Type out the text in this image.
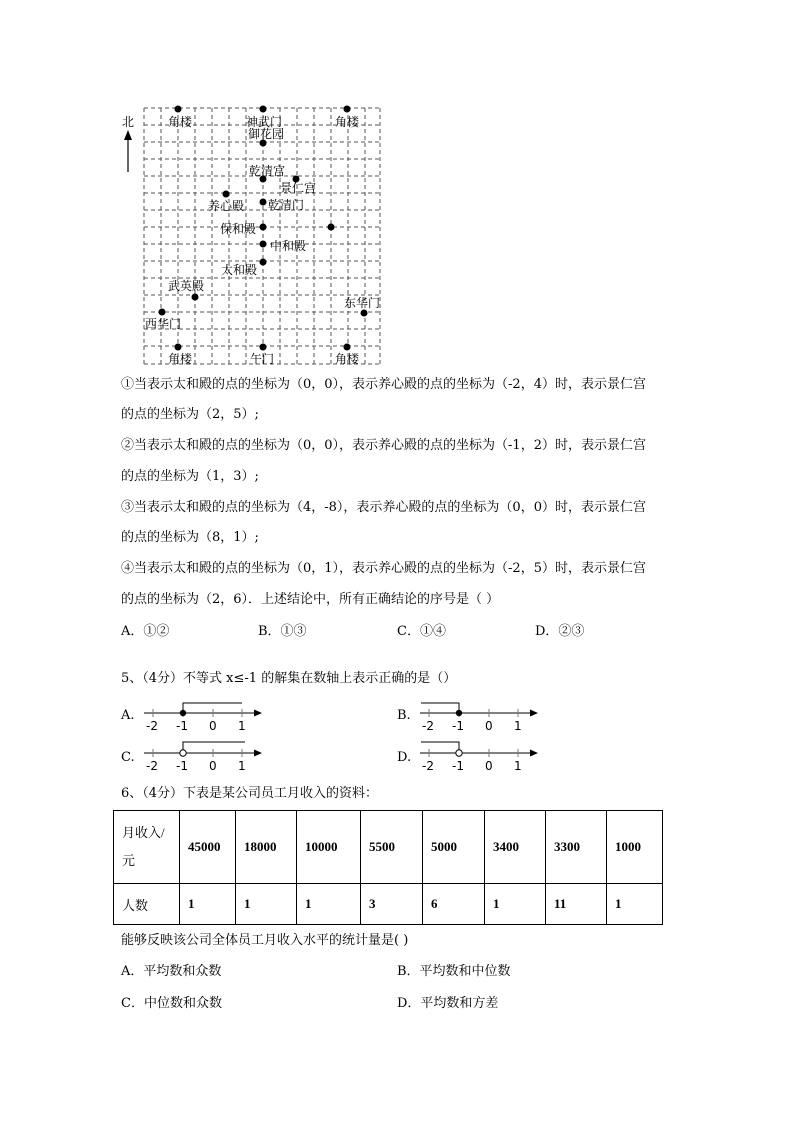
北	角楼	神武门	角楼
御花园
乾清宫
景仁宫
养心殿 乾清门
保和殿
中和殿
太和殿
武英殿
东华门
西华门
角楼	午门	角楼
①当表示太和殿的点的坐标为（0，0），表示养心殿的点的坐标为（-2，4）时，表示景仁宫
的点的坐标为（2，5）;
②当表示太和殿的点的坐标为（0，0），表示养心殿的点的坐标为（-1，2）时，表示景仁宫
的点的坐标为（1，3）;
③当表示太和殿的点的坐标为（4，-8），表示养心殿的点的坐标为（0，0）时，表示景仁宫
的点的坐标为（8，1）;
④当表示太和殿的点的坐标为（0，1），表示养心殿的点的坐标为（-2，5）时，表示景仁宫
的点的坐标为（2，6）．上述结论中，所有正确结论的序号是（ ）
A．①②	B．①③	C．①④	D．②③
5、（4分）不等式 x≤-1 的解集在数轴上表示正确的是（）
A.
-2 -1 0 1
B.
-2 -1 0 1
C.
-2 -1 0 1
D.
-2 -1 0 1
6、（4分）下表是某公司员工月收入的资料：
月收入/
元	45000	18000	10000	5500	5000	3400	3300	1000
人数	1	1	1	3	6	1	11	1
能够反映该公司全体员工月收入水平的统计量是( )
A．平均数和众数	B．平均数和中位数
C．中位数和众数	D．平均数和方差
